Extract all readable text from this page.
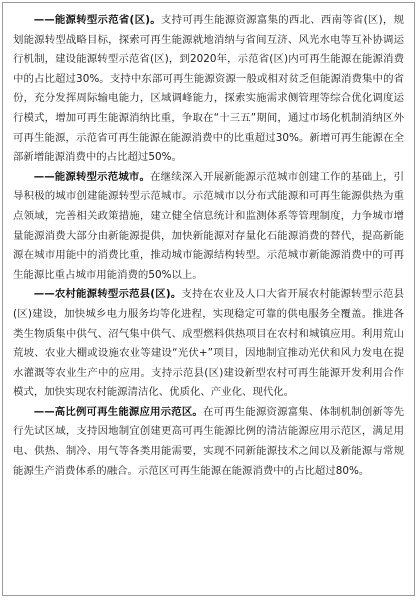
——能源转型示范省(区)。支持可再生能源资源富集的西北、西南等省(区)，规划能源转型战略目标，探索可再生能源就地消纳与省间互济、风光水电等互补协调运行机制，建设能源转型示范省(区)，到2020年，示范省(区)内可再生能源在能源消费中的占比超过30%。支持中东部可再生能源资源一般或相对贫乏但能源消费集中的省份，充分发挥周际输电能力，区域调峰能力，探索实施需求侧管理等综合优化调度运行模式，增加可再生能源消纳比重，争取在“十三五”期间，通过市场化机制消纳区外可再生能源，示范省可再生能源在能源消费中的比重超过30%。新增可再生能源在全部新增能源消费中的占比超过50%。

——能源转型示范城市。在继续深入开展新能源示范城市创建工作的基础上，引导积极的城市创建能源转型示范城市。示范城市以分布式能源和可再生能源供热为重点领域，完善相关政策措施，建立健全信息统计和监测体系等管理制度，力争城市增量能源消费大部分由新能源提供，加快新能源对存量化石能源消费的替代，提高新能源在城市用能中的消费比重，推动城市能源结构转型。示范城市新能源消费中的可再生能源比重占城市用能消费的50%以上。

——农村能源转型示范县(区)。支持在农业及人口大省开展农村能源转型示范县(区)建设，加快城乡电力服务均等化进程，实现稳定可靠的供电服务全覆盖。推进各类生物质集中供气、沼气集中供气、成型燃料供热项目在农村和城镇应用。利用荒山荒坡、农业大棚或设施农业等建设“光伏+”项目，因地制宜推动光伏和风力发电在提水灌溉等农业生产中的应用。支持示范县(区)建设新型农村可再生能源开发利用合作模式，加快实现农村能源清洁化、优质化、产业化、现代化。

——高比例可再生能源应用示范区。在可再生能源资源富集、体制机制创新等先行先试区域，支持因地制宜创建更高可再生能源比例的清洁能源应用示范区，满足用电、供热、制冷、用气等各类用能需要，实现不同新能源技术之间以及新能源与常规能源生产消费体系的融合。示范区可再生能源在能源消费中的占比超过80%。
